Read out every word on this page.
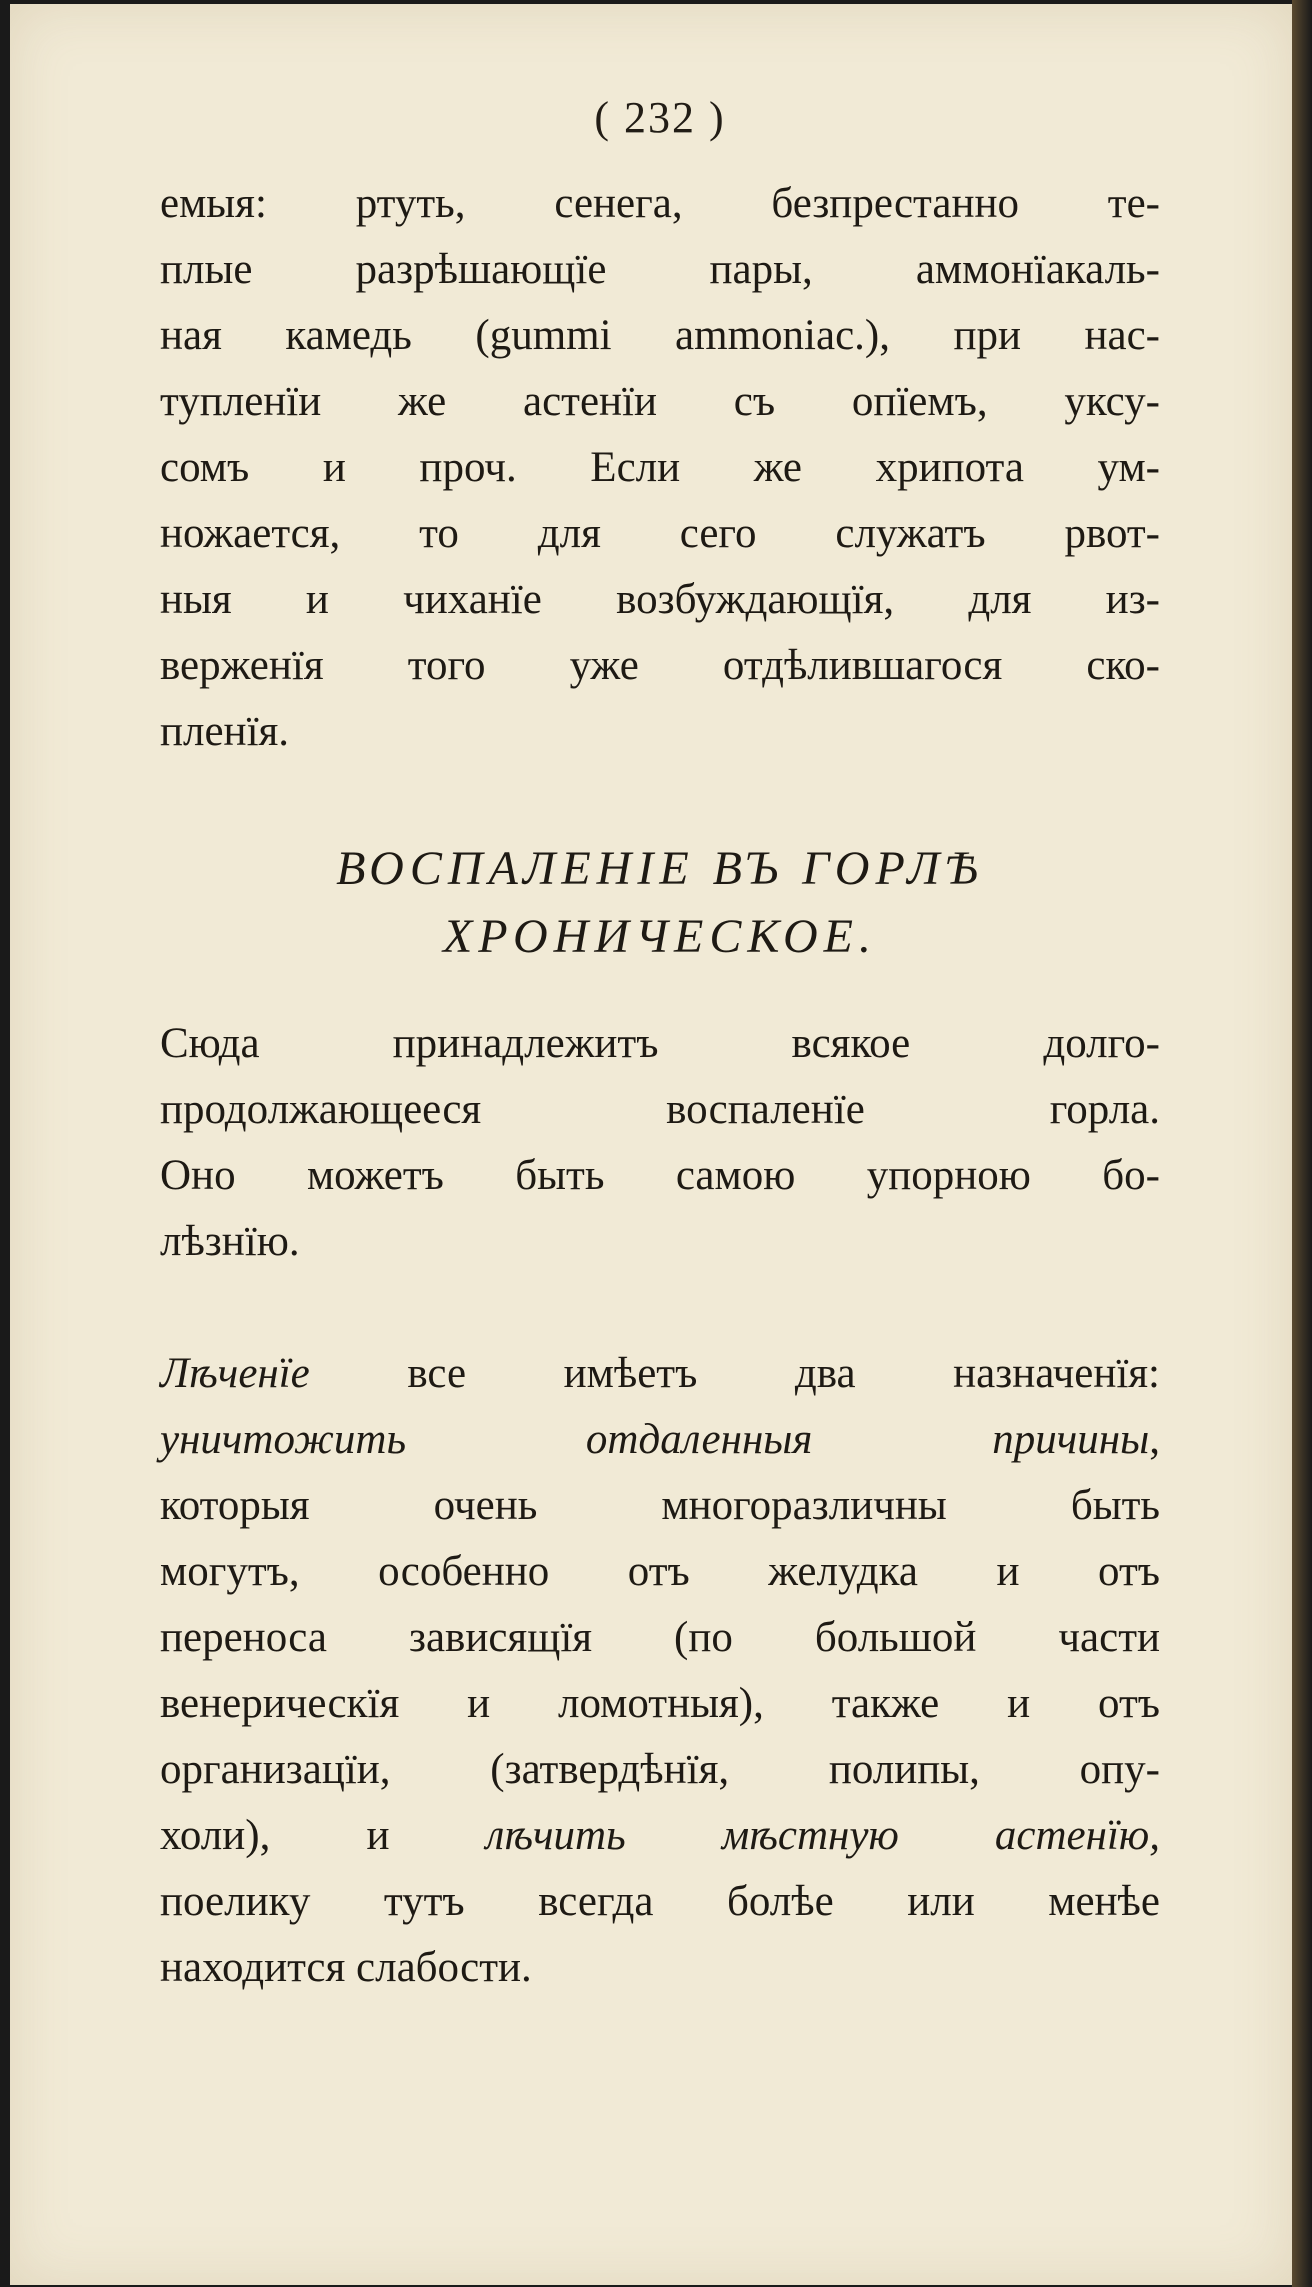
( 232 )

емыя: ртуть, сенега, безпрестанно те-
плые разрѣшающїе пары, аммонїакаль-
ная камедь (gummi ammoniac.), при нас-
тупленїи же астенїи съ опїемъ, уксу-
сомъ и проч. Если же хрипота ум-
ножается, то для сего служатъ рвот-
ныя и чиханїе возбуждающїя, для из-
верженїя того уже отдѣлившагося ско-
пленїя.

ВОСПАЛЕНІЕ ВЪ ГОРЛѢ
ХРОНИЧЕСКОЕ.

Сюда принадлежитъ всякое долго-
продолжающееся воспаленїе горла.
Оно можетъ быть самою упорною бо-
лѣзнїю.

Лѣченїе все имѣетъ два назначенїя:
уничтожить отдаленныя причины,
которыя очень многоразличны быть
могутъ, особенно отъ желудка и отъ
переноса зависящїя (по большой части
венерическїя и ломотныя), также и отъ
организацїи, (затвердѣнїя, полипы, опу-
холи), и лѣчить мѣстную астенїю,
поелику тутъ всегда болѣе или менѣе
находится слабости.
